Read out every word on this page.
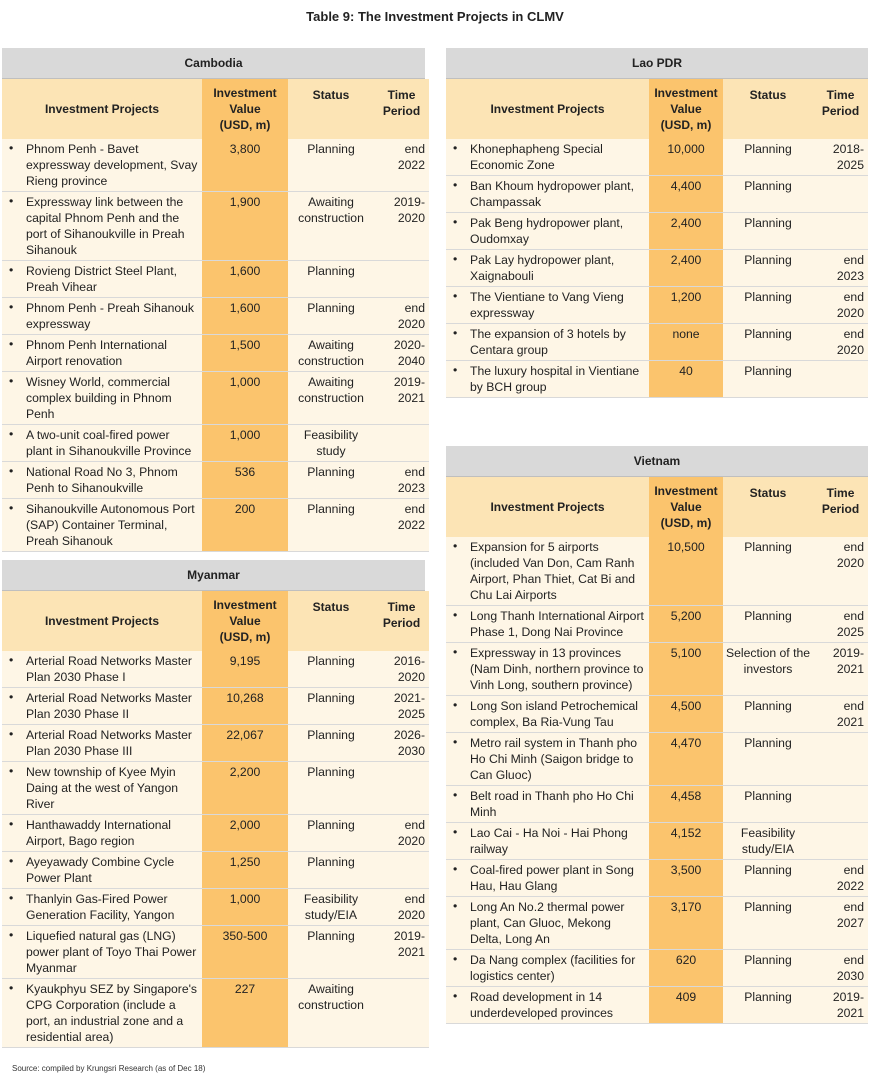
Table 9: The Investment Projects in CLMV
Cambodia
Investment Projects	Investment
Value
(USD, m)	Status	Time
Period

• Phnom Penh - Bavet expressway development, Svay Rieng province	3,800	Planning	end 2022

• Expressway link between the capital Phnom Penh and the port of Sihanoukville in Preah Sihanouk	1,900	Awaiting construction	2019-2020

• Rovieng District Steel Plant, Preah Vihear	1,600	Planning	

• Phnom Penh - Preah Sihanouk expressway	1,600	Planning	end 2020

• Phnom Penh International Airport renovation	1,500	Awaiting construction	2020-2040

• Wisney World, commercial complex building in Phnom Penh	1,000	Awaiting construction	2019-2021

• A two-unit coal-fired power plant in Sihanoukville Province	1,000	Feasibility study	

• National Road No 3, Phnom Penh to Sihanoukville	536	Planning	end 2023

• Sihanoukville Autonomous Port (SAP) Container Terminal, Preah Sihanouk	200	Planning	end 2022
Myanmar
Investment Projects	Investment
Value
(USD, m)	Status	Time
Period

• Arterial Road Networks Master Plan 2030 Phase I	9,195	Planning	2016-2020

• Arterial Road Networks Master Plan 2030 Phase II	10,268	Planning	2021-2025

• Arterial Road Networks Master Plan 2030 Phase III	22,067	Planning	2026-2030

• New township of Kyee Myin Daing at the west of Yangon River	2,200	Planning	

• Hanthawaddy International Airport, Bago region	2,000	Planning	end 2020

• Ayeyawady Combine Cycle Power Plant	1,250	Planning	

• Thanlyin Gas-Fired Power Generation Facility, Yangon	1,000	Feasibility study/EIA	end 2020

• Liquefied natural gas (LNG) power plant of Toyo Thai Power Myanmar	350-500	Planning	2019-2021

• Kyaukphyu SEZ by Singapore's CPG Corporation (include a port, an industrial zone and a residential area)	227	Awaiting construction	
Lao PDR
Investment Projects	Investment
Value
(USD, m)	Status	Time
Period

• Khonephapheng Special Economic Zone	10,000	Planning	2018-2025

• Ban Khoum hydropower plant, Champassak	4,400	Planning	

• Pak Beng hydropower plant, Oudomxay	2,400	Planning	

• Pak Lay hydropower plant, Xaignabouli	2,400	Planning	end 2023

• The Vientiane to Vang Vieng expressway	1,200	Planning	end 2020

• The expansion of 3 hotels by Centara group	none	Planning	end 2020

• The luxury hospital in Vientiane by BCH group	40	Planning	
Vietnam
Investment Projects	Investment
Value
(USD, m)	Status	Time
Period

• Expansion for 5 airports (included Van Don, Cam Ranh Airport, Phan Thiet, Cat Bi and Chu Lai Airports	10,500	Planning	end 2020

• Long Thanh International Airport Phase 1, Dong Nai Province	5,200	Planning	end 2025

• Expressway in 13 provinces (Nam Dinh, northern province to Vinh Long, southern province)	5,100	Selection of the investors	2019-2021

• Long Son island Petrochemical complex, Ba Ria-Vung Tau	4,500	Planning	end 2021

• Metro rail system in Thanh pho Ho Chi Minh (Saigon bridge to Can Gluoc)	4,470	Planning	

• Belt road in Thanh pho Ho Chi Minh	4,458	Planning	

• Lao Cai - Ha Noi - Hai Phong railway	4,152	Feasibility study/EIA	

• Coal-fired power plant in Song Hau, Hau Glang	3,500	Planning	end 2022

• Long An No.2 thermal power plant, Can Gluoc, Mekong Delta, Long An	3,170	Planning	end 2027

• Da Nang complex (facilities for logistics center)	620	Planning	end 2030

• Road development in 14 underdeveloped provinces	409	Planning	2019-2021
Source: compiled by Krungsri Research (as of Dec 18)
